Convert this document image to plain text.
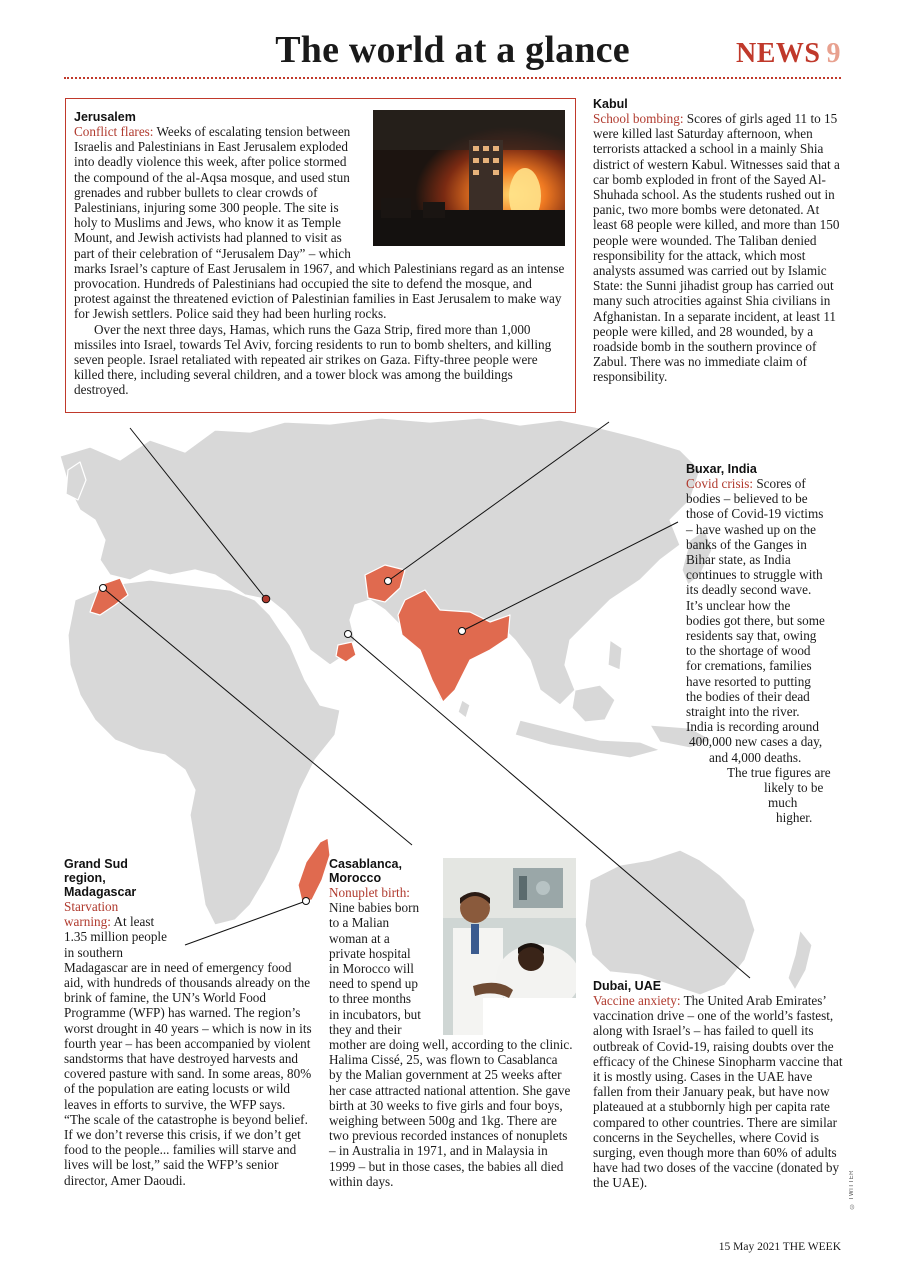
The world at a glance	NEWS 9
Jerusalem

Conflict flares: Weeks of escalating tension between Israelis and Palestinians in East Jerusalem exploded into deadly violence this week, after police stormed the compound of the al-Aqsa mosque, and used stun grenades and rubber bullets to clear crowds of Palestinians, injuring some 300 people. The site is holy to Muslims and Jews, who know it as Temple Mount, and Jewish activists had planned to visit as part of their celebration of “Jerusalem Day” – which marks Israel’s capture of East Jerusalem in 1967, and which Palestinians regard as an intense provocation. Hundreds of Palestinians had occupied the site to defend the mosque, and protest against the threatened eviction of Palestinian families in East Jerusalem to make way for Jewish settlers. Police said they had been hurling rocks.

Over the next three days, Hamas, which runs the Gaza Strip, fired more than 1,000 missiles into Israel, towards Tel Aviv, forcing residents to run to bomb shelters, and killing seven people. Israel retaliated with repeated air strikes on Gaza. Fifty-three people were killed there, including several children, and a tower block was among the buildings destroyed.

Kabul

School bombing: Scores of girls aged 11 to 15 were killed last Saturday afternoon, when terrorists attacked a school in a mainly Shia district of western Kabul. Witnesses said that a car bomb exploded in front of the Sayed Al-Shuhada school. As the students rushed out in panic, two more bombs were detonated. At least 68 people were killed, and more than 150 people were wounded. The Taliban denied responsibility for the attack, which most analysts assumed was carried out by Islamic State: the Sunni jihadist group has carried out many such atrocities against Shia civilians in Afghanistan. In a separate incident, at least 11 people were killed, and 28 wounded, by a roadside bomb in the southern province of Zabul. There was no immediate claim of responsibility.

Buxar, India
Covid crisis: Scores of
bodies – believed to be
those of Covid-19 victims
– have washed up on the
banks of the Ganges in
Bihar state, as India
continues to struggle with
its deadly second wave.
It’s unclear how the
bodies got there, but some
residents say that, owing
to the shortage of wood
for cremations, families
have resorted to putting
the bodies of their dead
straight into the river.
India is recording around
400,000 new cases a day,
and 4,000 deaths.
The true figures are
likely to be
much
higher.
Grand Sud
region,
Madagascar
Starvation
warning: At least
1.35 million people
in southern

Madagascar are in need of emergency food aid, with hundreds of thousands already on the brink of famine, the UN’s World Food Programme (WFP) has warned. The region’s worst drought in 40 years – which is now in its fourth year – has been accompanied by violent sandstorms that have destroyed harvests and covered pasture with sand. In some areas, 80% of the population are eating locusts or wild leaves in efforts to survive, the WFP says. “The scale of the catastrophe is beyond belief. If we don’t reverse this crisis, if we don’t get food to the people... families will starve and lives will be lost,” said the WFP’s senior director, Amer Daoudi.

Casablanca,
Morocco
Nonuplet birth:
Nine babies born
to a Malian
woman at a
private hospital
in Morocco will
need to spend up
to three months
in incubators, but
they and their

mother are doing well, according to the clinic. Halima Cissé, 25, was flown to Casablanca by the Malian government at 25 weeks after her case attracted national attention. She gave birth at 30 weeks to five girls and four boys, weighing between 500g and 1kg. There are two previous recorded instances of nonuplets – in Australia in 1971, and in Malaysia in 1999 – but in those cases, the babies all died within days.	© TWITTER
Dubai, UAE

Vaccine anxiety: The United Arab Emirates’ vaccination drive – one of the world’s fastest, along with Israel’s – has failed to quell its outbreak of Covid-19, raising doubts over the efficacy of the Chinese Sinopharm vaccine that it is mostly using. Cases in the UAE have fallen from their January peak, but have now plateaued at a stubbornly high per capita rate compared to other countries. There are similar concerns in the Seychelles, where Covid is surging, even though more than 60% of adults have had two doses of the vaccine (donated by the UAE).

15 May 2021 THE WEEK
